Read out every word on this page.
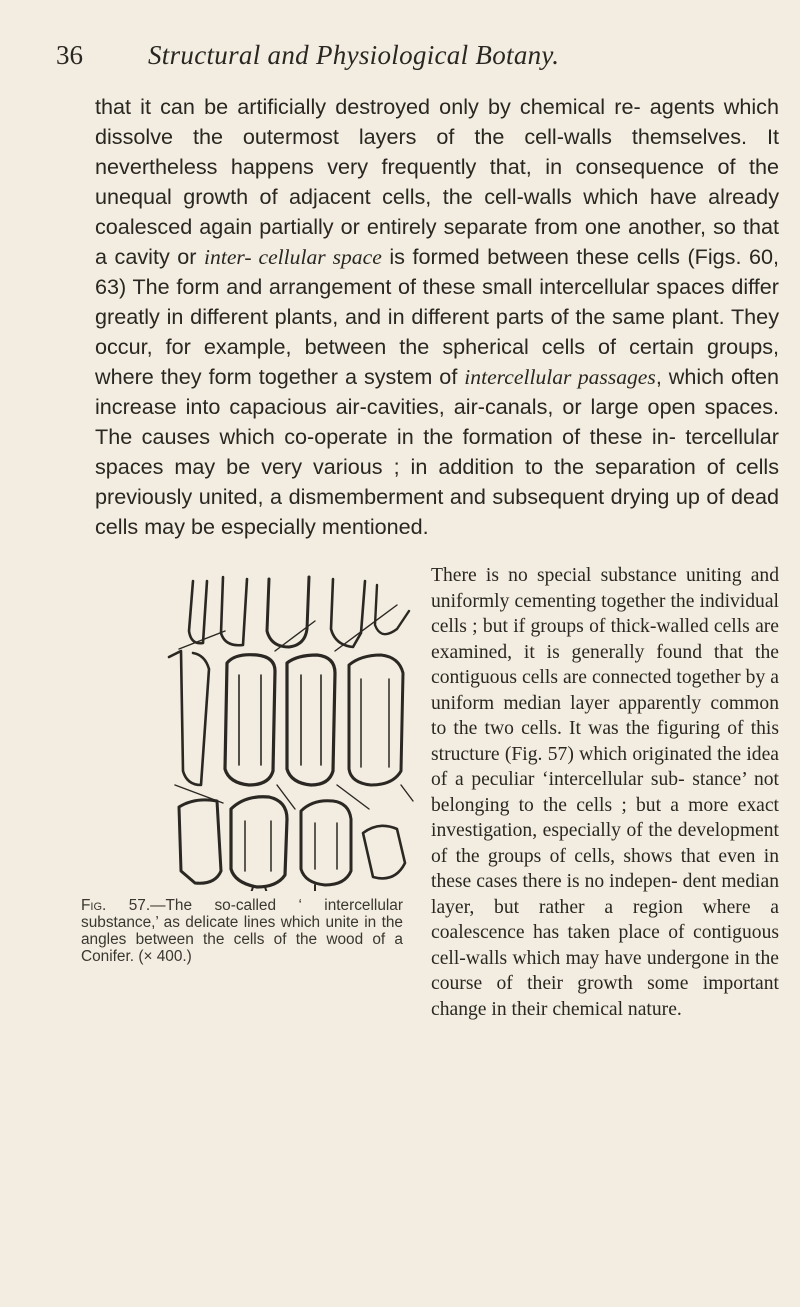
36 Structural and Physiological Botany.

that it can be artificially destroyed only by chemical re- agents which dissolve the outermost layers of the cell-walls themselves. It nevertheless happens very frequently that, in consequence of the unequal growth of adjacent cells, the cell-walls which have already coalesced again partially or entirely separate from one another, so that a cavity or inter- cellular space is formed between these cells (Figs. 60, 63) The form and arrangement of these small intercellular spaces differ greatly in different plants, and in different parts of the same plant. They occur, for example, between the spherical cells of certain groups, where they form together a system of intercellular passages, which often increase into capacious air-cavities, air-canals, or large open spaces. The causes which co-operate in the formation of these in- tercellular spaces may be very various ; in addition to the separation of cells previously united, a dismemberment and subsequent drying up of dead cells may be especially mentioned.

Fig. 57.—The so-called ‘ intercellular substance,’ as delicate lines which unite in the angles between the cells of the wood of a Conifer. (× 400.)
There is no special substance uniting and uniformly cementing together the individual cells ; but if groups of thick-walled cells are examined, it is generally found that the contiguous cells are connected together by a uniform median layer apparently common to the two cells. It was the figuring of this structure (Fig. 57) which originated the idea of a peculiar ‘intercellular sub- stance’ not belonging to the cells ; but a more exact investigation, especially of the development of the groups of cells, shows that even in these cases there is no indepen- dent median layer, but rather a region where a coalescence has taken place of contiguous cell-walls which may have undergone in the course of their growth some important change in their chemical nature.
